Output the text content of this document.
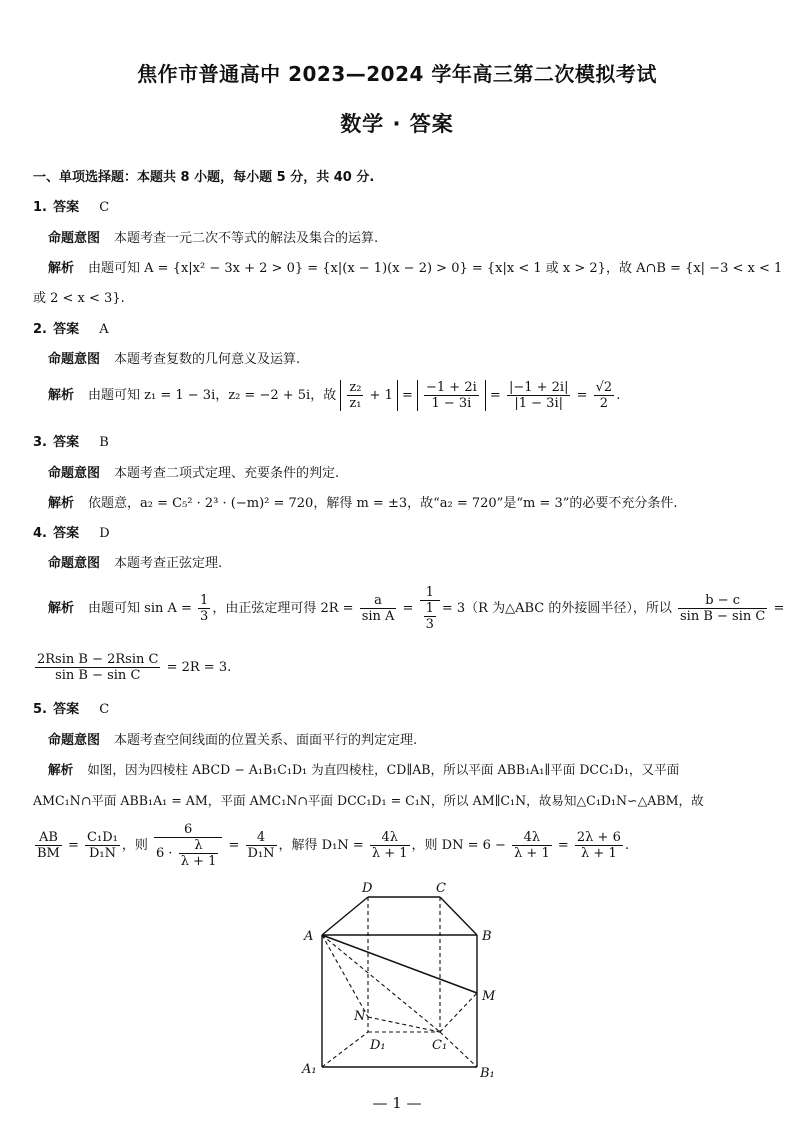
焦作市普通高中 2023—2024 学年高三第二次模拟考试
数学 · 答案
一、单项选择题：本题共 8 小题，每小题 5 分，共 40 分.
1. 答案 C
命题意图 本题考查一元二次不等式的解法及集合的运算.
解析 由题可知 A = {x|x² − 3x + 2 > 0} = {x|(x − 1)(x − 2) > 0} = {x|x < 1 或 x > 2}，故 A∩B = {x| −3 < x < 1
或 2 < x < 3}.
2. 答案 A
命题意图 本题考查复数的几何意义及运算.
解析 由题可知 z₁ = 1 − 3i，z₂ = −2 + 5i，故 $\frac{\text{z₂}}{\text{z₁}} + 1 = \frac{-1 + 2i}{1 - 3i} = \frac{|-1 + 2i|}{|1 - 3i|} = \frac{√2}{2}$ .
3. 答案 B
命题意图 本题考查二项式定理、充要条件的判定.
解析 依题意，a₂ = C₅² · 2³ · (−m)² = 720，解得 m = ±3，故“a₂ = 720”是“m = 3”的必要不充分条件.
4. 答案 D
命题意图 本题考查正弦定理.
解析 由题可知 $\sin A = \frac{1}{3}$ ，由正弦定理可得 $2R = \frac{a}{\text{sin A}} = \frac{1}{\frac{1}{3}} = 3(R$ 为△ABC 的外接圆半径），所以 $\frac{b - c}{\text{sin B − sin C}}$ =
$\frac{\text{2Rsin B − 2Rsin C}}{\text{sin B − sin C}} = 2R = 3$.
5. 答案 C
命题意图 本题考查空间线面的位置关系、面面平行的判定定理.
解析 如图，因为四棱柱 ABCD − A₁B₁C₁D₁ 为直四棱柱，CD∥AB，所以平面 ABB₁A₁∥平面 DCC₁D₁，又平面
AMC₁N∩平面 ABB₁A₁ = AM，平面 AMC₁N∩平面 DCC₁D₁ = C₁N，所以 AM∥C₁N，故易知△C₁D₁N∽△ABM，故
$\frac{AB}{BM} = \frac{\text{C₁D₁}}{\text{D₁N}}$ ，则 $\frac{6}{6 \cdot \frac{\lambda}{\lambda + 1}} = \frac{4}{\text{D₁N}}$ ，解得 $D_1N = \frac{4\lambda}{\lambda + 1}$ ，则 DN = $6 - \frac{4\lambda}{\lambda + 1} = \frac{2\lambda + 6}{\lambda + 1}$ .
A	B
C
D
M
N
A₁	B₁
C₁
D₁
— 1 —
